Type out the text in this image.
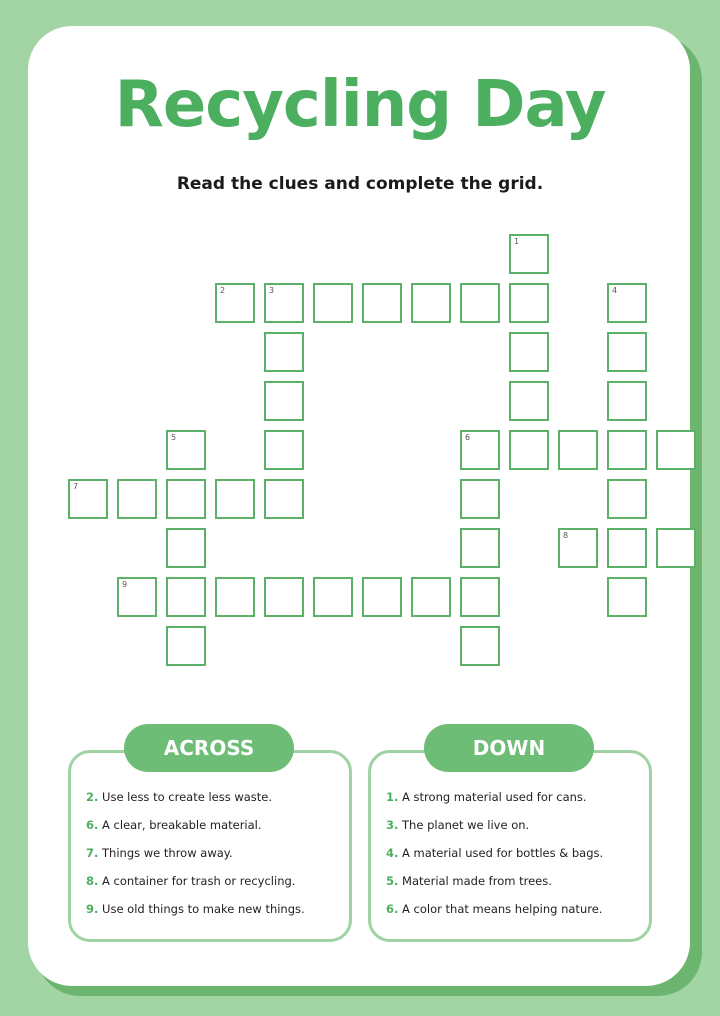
Recycling Day
Read the clues and complete the grid.
1
2	3	4
5	6
7
8
9
ACROSS
2. Use less to create less waste.
6. A clear, breakable material.
7. Things we throw away.
8. A container for trash or recycling.
9. Use old things to make new things.
DOWN
1. A strong material used for cans.
3. The planet we live on.
4. A material used for bottles & bags.
5. Material made from trees.
6. A color that means helping nature.
